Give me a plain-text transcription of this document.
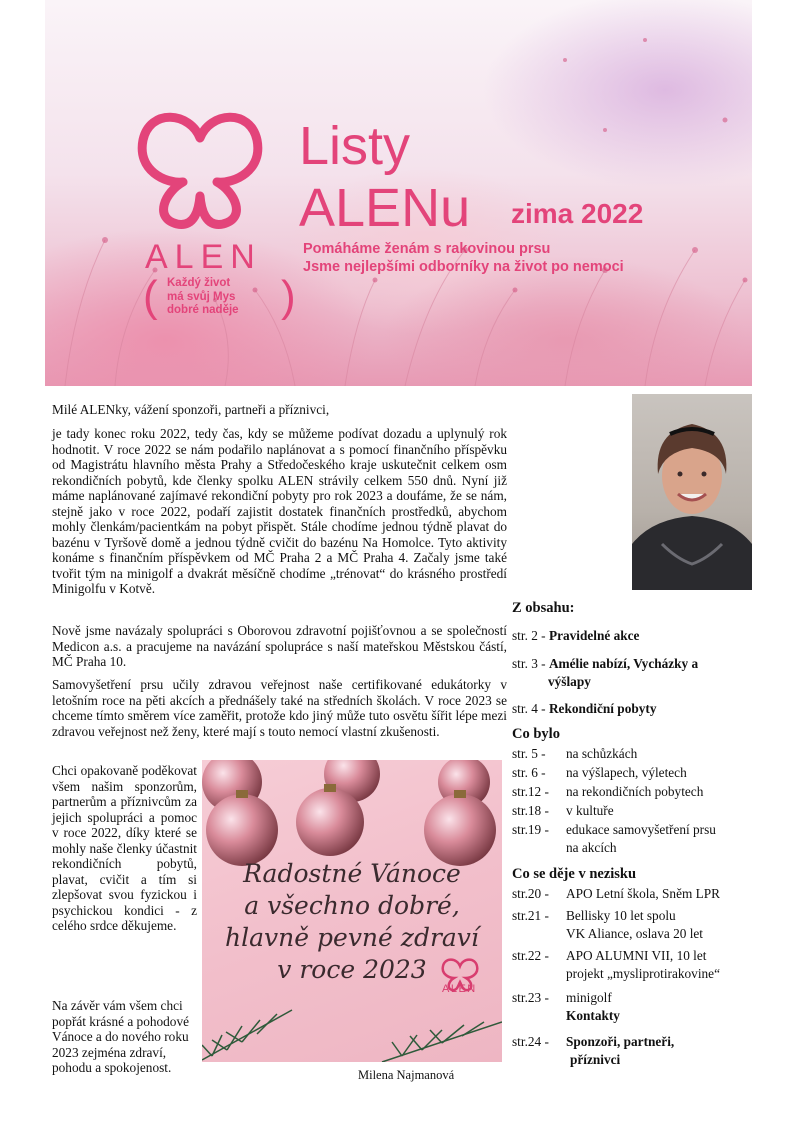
ALEN
(	)
Každý život
má svůj Mys
dobré naděje
Listy
ALENu zima 2022
Pomáháme ženám s rakovinou prsu
Jsme nejlepšími odborníky na život po nemoci
Milé ALENky, vážení sponzoři, partneři a příznivci,
je tady konec roku 2022, tedy čas, kdy se můžeme podívat dozadu a uplynulý rok hodnotit. V roce 2022 se nám podařilo naplánovat a s pomocí finančního příspěvku od Magistrátu hlavního města Prahy a Středočeského kraje uskutečnit celkem osm rekondičních pobytů, kde členky spolku ALEN strávily celkem 550 dnů. Nyní již máme naplánované zajímavé rekondiční pobyty pro rok 2023 a doufáme, že se nám, stejně jako v roce 2022, podaří zajistit dostatek finančních prostředků, abychom mohly členkám/pacientkám na pobyt přispět. Stále chodíme jednou týdně plavat do bazénu v Tyršově domě a jednou týdně cvičit do bazénu Na Homolce. Tyto aktivity konáme s finančním příspěvkem od MČ Praha 2 a MČ Praha 4. Začaly jsme také tvořit tým na minigolf a dvakrát měsíčně chodíme „trénovat“ do krásného prostředí Minigolfu v Kotvě.
Nově jsme navázaly spolupráci s Oborovou zdravotní pojišťovnou a se společností Medicon a.s. a pracujeme na navázání spolupráce s naší mateřskou Městskou částí, MČ Praha 10.
Samovyšetření prsu učily zdravou veřejnost naše certifikované edukátorky v letošním roce na pěti akcích a přednášely také na středních školách. V roce 2023 se chceme tímto směrem více zaměřit, protože kdo jiný může tuto osvětu šířit lépe mezi zdravou veřejnost než ženy, které mají s touto nemocí vlastní zkušenosti.
Chci opakovaně poděkovat všem našim sponzorům, partnerům a příznivcům za jejich spolupráci a pomoc v roce 2022, díky které se mohly naše členky účastnit rekondičních pobytů, plavat, cvičit a tím si zlepšovat svou fyzickou i psychickou kondici - z celého srdce děkujeme.
Na závěr vám všem chci popřát krásné a pohodové Vánoce a do nového roku 2023 zejména zdraví, pohodu a spokojenost.	Milena Najmanová
Radostné Vánoce
a všechno dobré,
hlavně pevné zdraví
v roce 2023
ALEN
Z obsahu:
str. 2 - Pravidelné akce
str. 3 - Amélie nabízí, Vycházky a
výšlapy
str. 4 - Rekondiční pobyty
Co bylo
str. 5 - na schůzkách
str. 6 - na výšlapech, výletech
str.12 - na rekondičních pobytech
str.18 - v kultuře
str.19 - edukace samovyšetření prsu
na akcích
Co se děje v nezisku
str.20 - APO Letní škola, Sněm LPR
str.21 - Bellisky 10 let spolu
VK Aliance, oslava 20 let
str.22 - APO ALUMNI VII, 10 let
projekt „mysliprotirakovine“
str.23 - minigolf
Kontakty
str.24 - Sponzoři, partneři,
příznivci
